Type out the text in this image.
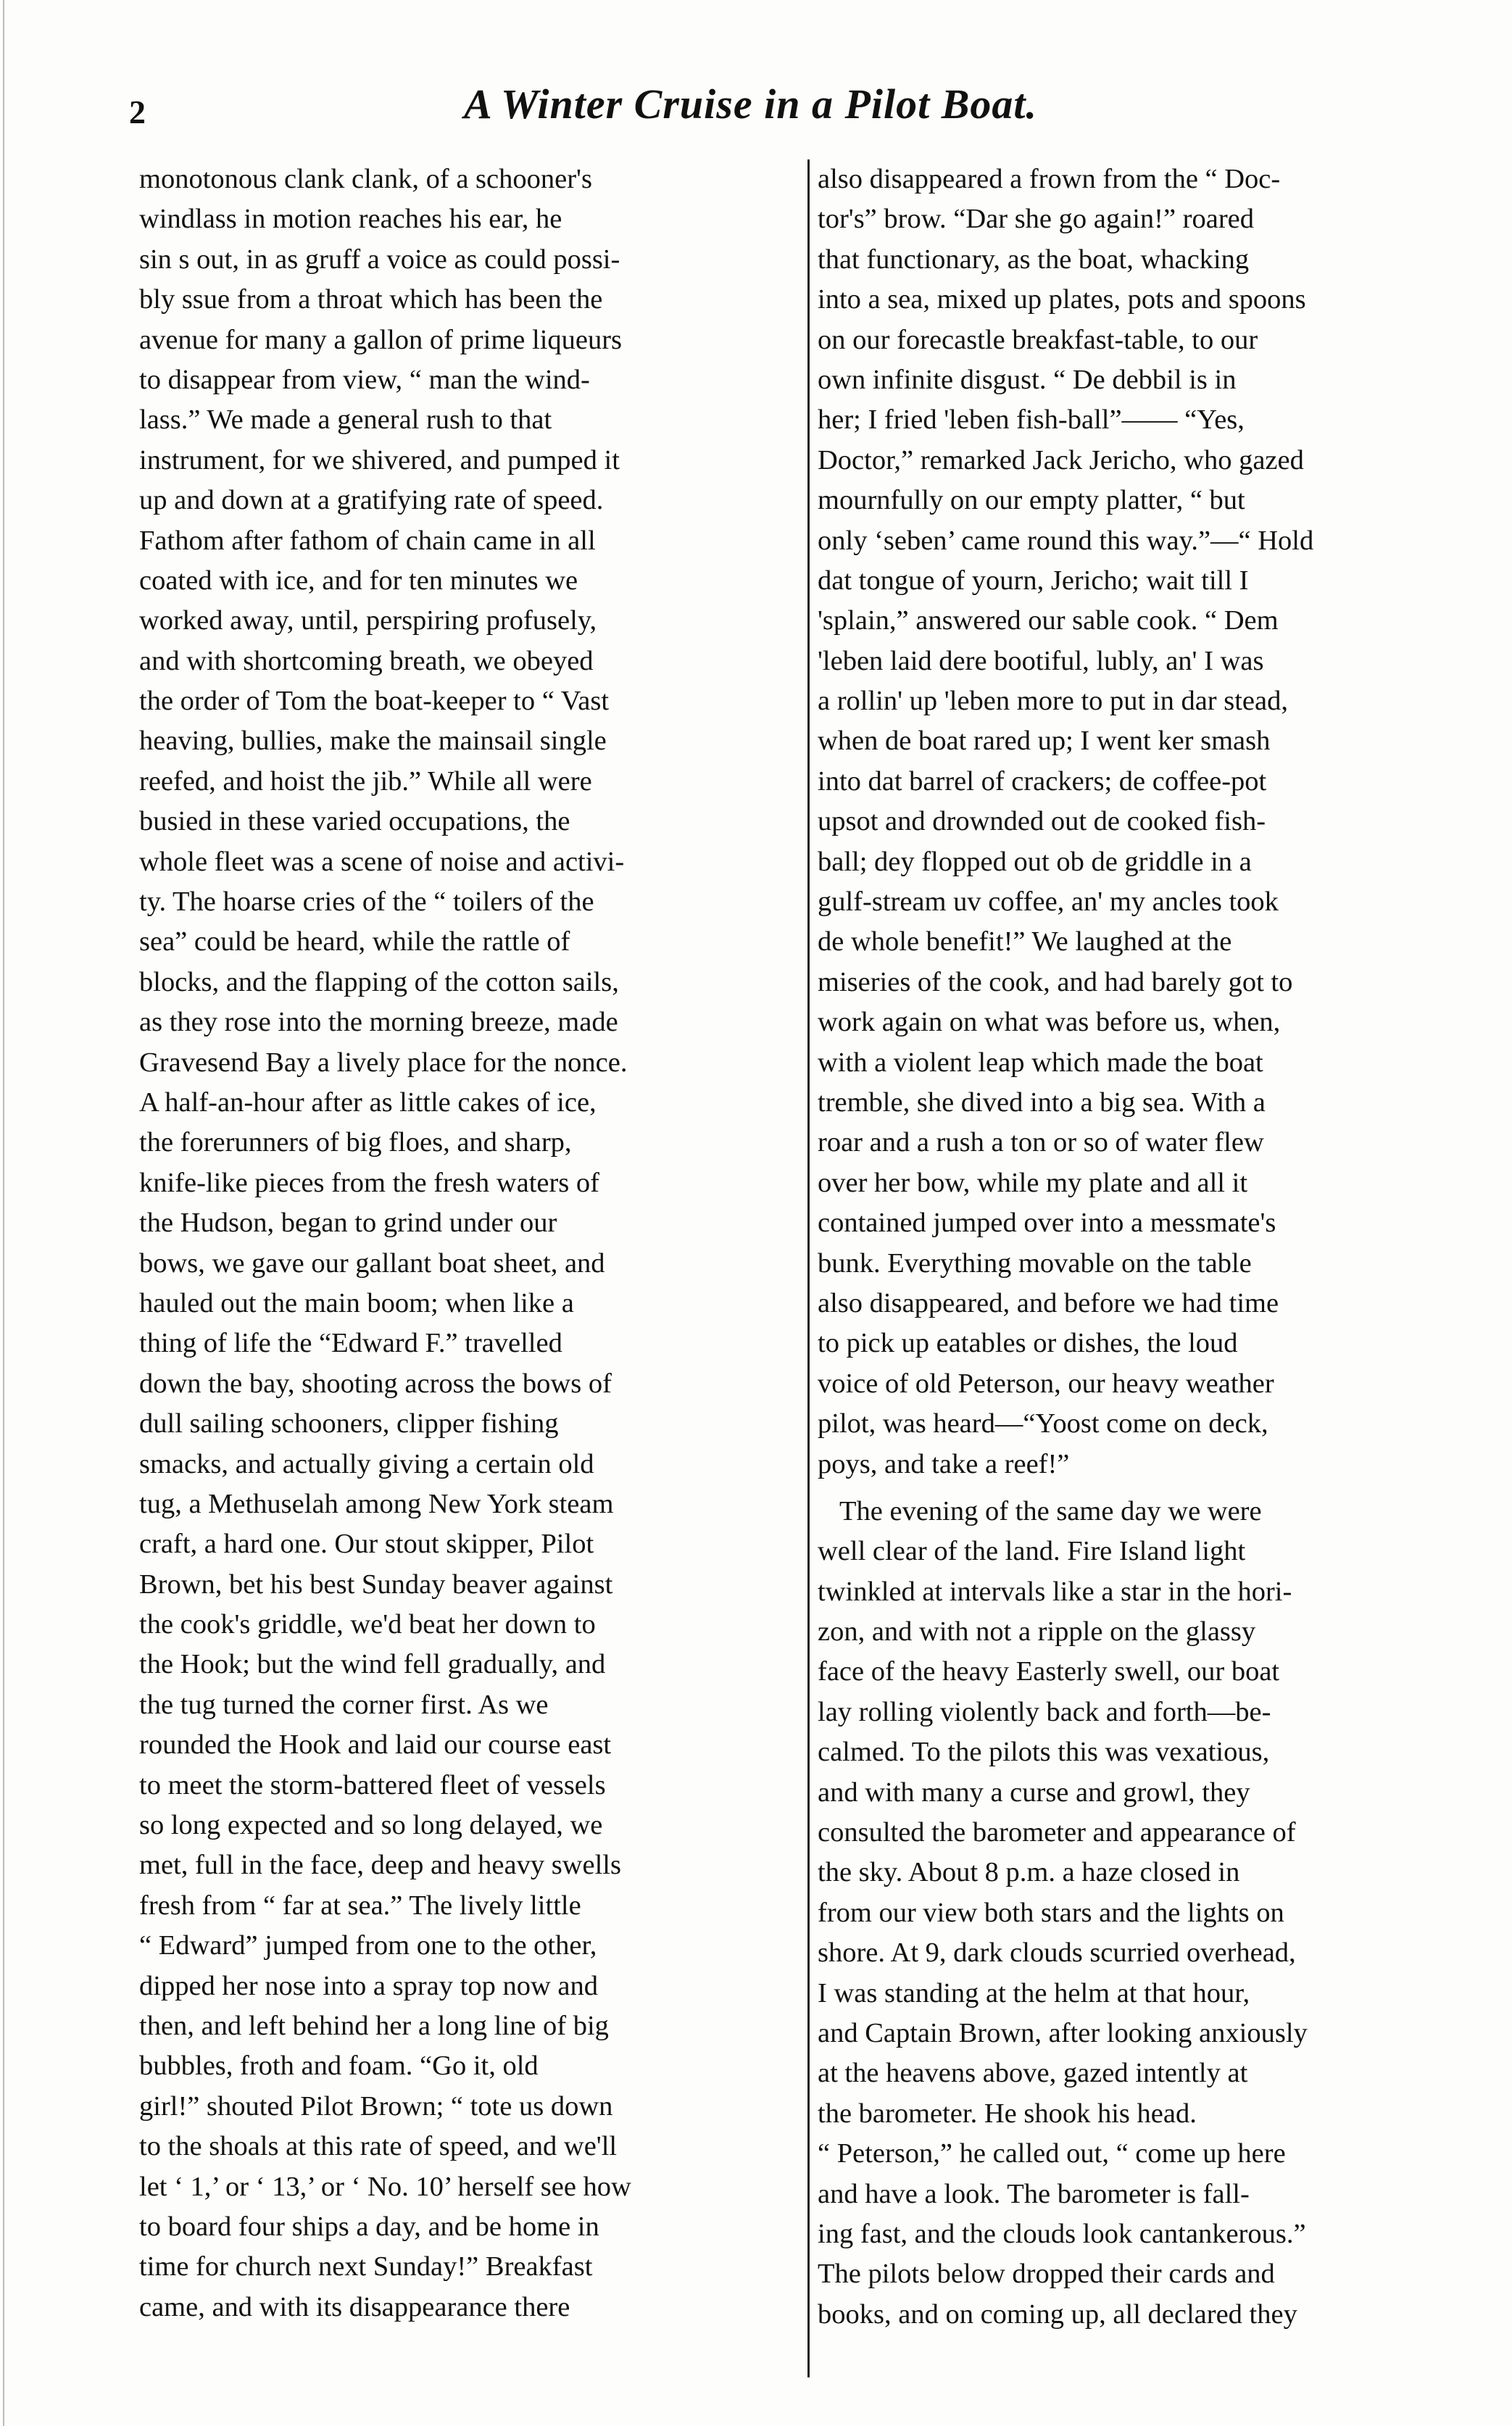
2	A Winter Cruise in a Pilot Boat.
monotonous clank clank, of a schooner's
windlass in motion reaches his ear, he
sin s out, in as gruff a voice as could possi-
bly ssue from a throat which has been the
avenue for many a gallon of prime liqueurs
to disappear from view, “ man the wind-
lass.” We made a general rush to that
instrument, for we shivered, and pumped it
up and down at a gratifying rate of speed.
Fathom after fathom of chain came in all
coated with ice, and for ten minutes we
worked away, until, perspiring profusely,
and with shortcoming breath, we obeyed
the order of Tom the boat-keeper to “ Vast
heaving, bullies, make the mainsail single
reefed, and hoist the jib.” While all were
busied in these varied occupations, the
whole fleet was a scene of noise and activi-
ty. The hoarse cries of the “ toilers of the
sea” could be heard, while the rattle of
blocks, and the flapping of the cotton sails,
as they rose into the morning breeze, made
Gravesend Bay a lively place for the nonce.
A half-an-hour after as little cakes of ice,
the forerunners of big floes, and sharp,
knife-like pieces from the fresh waters of
the Hudson, began to grind under our
bows, we gave our gallant boat sheet, and
hauled out the main boom; when like a
thing of life the “Edward F.” travelled
down the bay, shooting across the bows of
dull sailing schooners, clipper fishing
smacks, and actually giving a certain old
tug, a Methuselah among New York steam
craft, a hard one. Our stout skipper, Pilot
Brown, bet his best Sunday beaver against
the cook's griddle, we'd beat her down to
the Hook; but the wind fell gradually, and
the tug turned the corner first. As we
rounded the Hook and laid our course east
to meet the storm-battered fleet of vessels
so long expected and so long delayed, we
met, full in the face, deep and heavy swells
fresh from “ far at sea.” The lively little
“ Edward” jumped from one to the other,
dipped her nose into a spray top now and
then, and left behind her a long line of big
bubbles, froth and foam. “Go it, old
girl!” shouted Pilot Brown; “ tote us down
to the shoals at this rate of speed, and we'll
let ‘ 1,’ or ‘ 13,’ or ‘ No. 10’ herself see how
to board four ships a day, and be home in
time for church next Sunday!” Breakfast
came, and with its disappearance there
also disappeared a frown from the “ Doc-
tor's” brow. “Dar she go again!” roared
that functionary, as the boat, whacking
into a sea, mixed up plates, pots and spoons
on our forecastle breakfast-table, to our
own infinite disgust. “ De debbil is in
her; I fried 'leben fish-ball”—— “Yes,
Doctor,” remarked Jack Jericho, who gazed
mournfully on our empty platter, “ but
only ‘seben’ came round this way.”—“ Hold
dat tongue of yourn, Jericho; wait till I
'splain,” answered our sable cook. “ Dem
'leben laid dere bootiful, lubly, an' I was
a rollin' up 'leben more to put in dar stead,
when de boat rared up; I went ker smash
into dat barrel of crackers; de coffee-pot
upsot and drownded out de cooked fish-
ball; dey flopped out ob de griddle in a
gulf-stream uv coffee, an' my ancles took
de whole benefit!” We laughed at the
miseries of the cook, and had barely got to
work again on what was before us, when,
with a violent leap which made the boat
tremble, she dived into a big sea. With a
roar and a rush a ton or so of water flew
over her bow, while my plate and all it
contained jumped over into a messmate's
bunk. Everything movable on the table
also disappeared, and before we had time
to pick up eatables or dishes, the loud
voice of old Peterson, our heavy weather
pilot, was heard—“Yoost come on deck,
poys, and take a reef!”
The evening of the same day we were
well clear of the land. Fire Island light
twinkled at intervals like a star in the hori-
zon, and with not a ripple on the glassy
face of the heavy Easterly swell, our boat
lay rolling violently back and forth—be-
calmed. To the pilots this was vexatious,
and with many a curse and growl, they
consulted the barometer and appearance of
the sky. About 8 p.m. a haze closed in
from our view both stars and the lights on
shore. At 9, dark clouds scurried overhead,
I was standing at the helm at that hour,
and Captain Brown, after looking anxiously
at the heavens above, gazed intently at
the barometer. He shook his head.
“ Peterson,” he called out, “ come up here
and have a look. The barometer is fall-
ing fast, and the clouds look cantankerous.”
The pilots below dropped their cards and
books, and on coming up, all declared they
